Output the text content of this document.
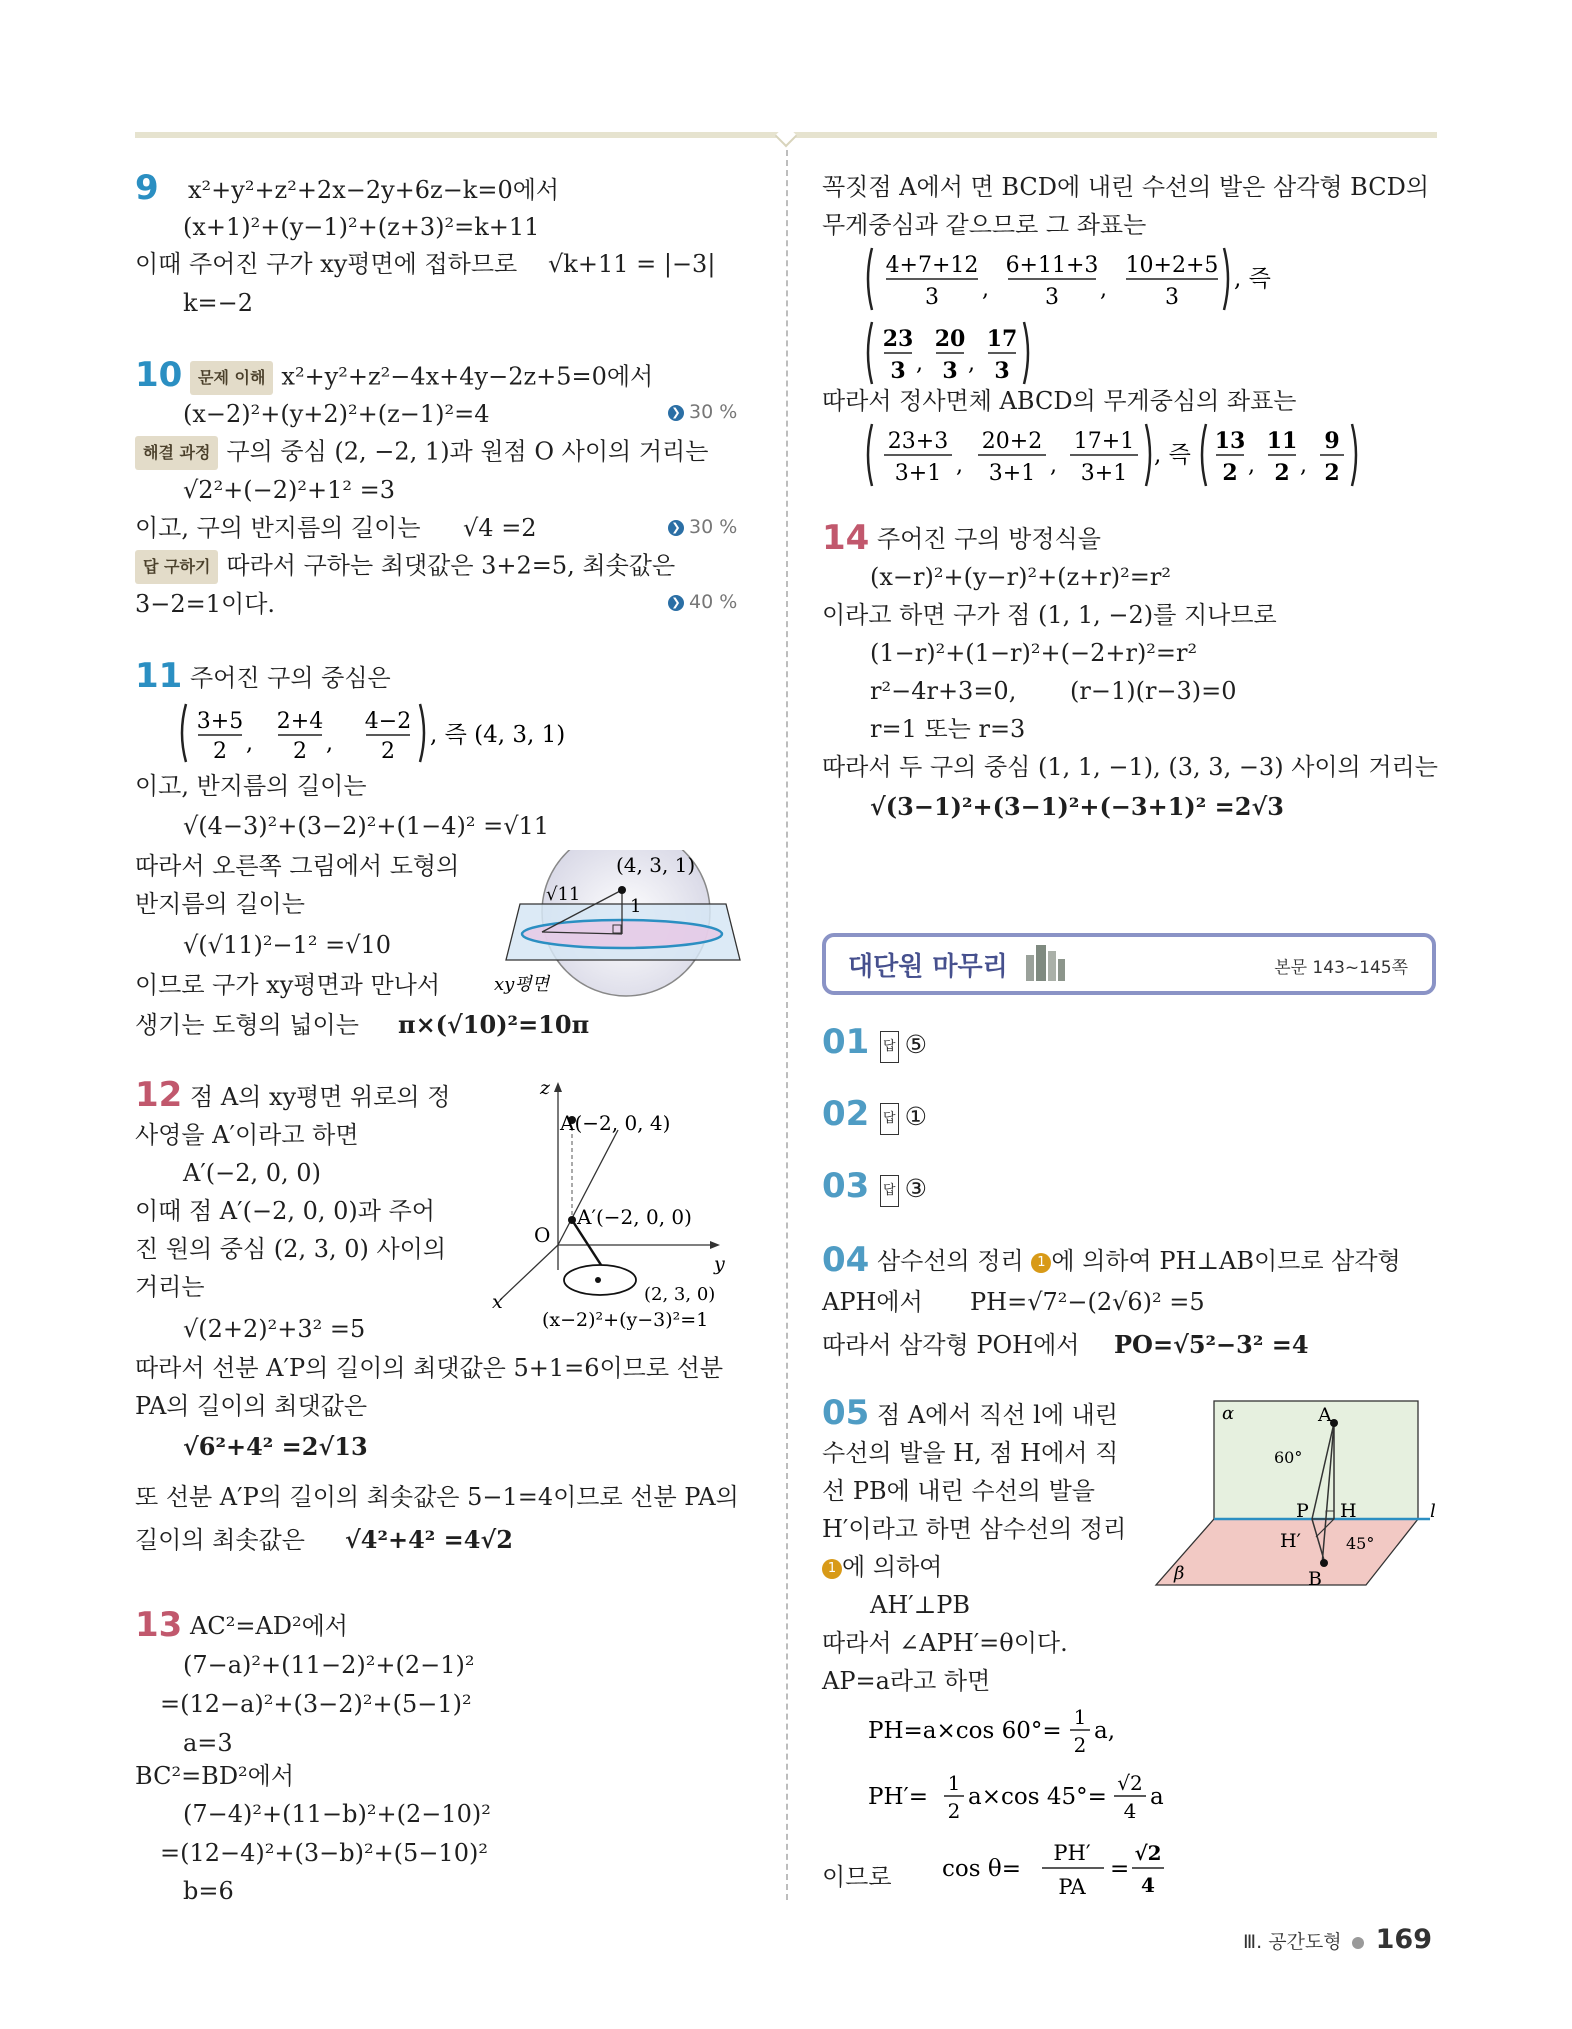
9 x²+y²+z²+2x−2y+6z−k=0에서
(x+1)²+(y−1)²+(z+3)²=k+11
이때 주어진 구가 xy평면에 접하므로 √k+11 = |−3|
k=−2
10 문제 이해 x²+y²+z²−4x+4y−2z+5=0에서
(x−2)²+(y+2)²+(z−1)²=4	❯ 30 %
해결 과정 구의 중심 (2, −2, 1)과 원점 O 사이의 거리는
√2²+(−2)²+1² =3
이고, 구의 반지름의 길이는 √4 =2	❯ 30 %
답 구하기 따라서 구하는 최댓값은 3+2=5, 최솟값은
3−2=1이다.	❯ 40 %
11 주어진 구의 중심은
3+5
2 ,
2+4
2 ,
4−2
2
, 즉 (4, 3, 1)
이고, 반지름의 길이는
√(4−3)²+(3−2)²+(1−4)² =√11
따라서 오른쪽 그림에서 도형의
반지름의 길이는
√(√11)²−1² =√10
이므로 구가 xy평면과 만나서
생기는 도형의 넓이는 π×(√10)²=10π
(4, 3, 1)
√11
1
xy평면
12 점 A의 xy평면 위로의 정
사영을 A′이라고 하면
A′(−2, 0, 0)
이때 점 A′(−2, 0, 0)과 주어
진 원의 중심 (2, 3, 0) 사이의
거리는
√(2+2)²+3² =5
따라서 선분 A′P의 길이의 최댓값은 5+1=6이므로 선분
PA의 길이의 최댓값은
√6²+4² =2√13
또 선분 A′P의 길이의 최솟값은 5−1=4이므로 선분 PA의
길이의 최솟값은 √4²+4² =4√2
z
A(−2, 0, 4)
A′(−2, 0, 0)
O
y
x	(2, 3, 0)
(x−2)²+(y−3)²=1
13 AC²=AD²에서
(7−a)²+(11−2)²+(2−1)²
=(12−a)²+(3−2)²+(5−1)²
a=3
BC²=BD²에서
(7−4)²+(11−b)²+(2−10)²
=(12−4)²+(3−b)²+(5−10)²
b=6
꼭짓점 A에서 면 BCD에 내린 수선의 발은 삼각형 BCD의
무게중심과 같으므로 그 좌표는
4+7+12
3 ,
6+11+3
3 ,
10+2+5
3
, 즉
23
3 ,
20
3 ,
17
3
따라서 정사면체 ABCD의 무게중심의 좌표는
23+3
3+1 ,
20+2
3+1 ,
17+1
3+1
, 즉
13
2 ,
11
2 ,
9
2
14 주어진 구의 방정식을
(x−r)²+(y−r)²+(z+r)²=r²
이라고 하면 구가 점 (1, 1, −2)를 지나므로
(1−r)²+(1−r)²+(−2+r)²=r²
r²−4r+3=0, (r−1)(r−3)=0
r=1 또는 r=3
따라서 두 구의 중심 (1, 1, −1), (3, 3, −3) 사이의 거리는
√(3−1)²+(3−1)²+(−3+1)² =2√3
대단원 마무리	본문 143~145쪽
01	답 ⑤
02	답 ①
03	답 ③
04 삼수선의 정리 1 에 의하여 PH⊥AB이므로 삼각형
APH에서 PH=√7²−(2√6)² =5
따라서 삼각형 POH에서 PO=√5²−3² =4
05 점 A에서 직선 l에 내린
수선의 발을 H, 점 H에서 직
선 PB에 내린 수선의 발을
H′이라고 하면 삼수선의 정리
1 에 의하여
AH′⊥PB
따라서 ∠APH′=θ이다.
AP=a라고 하면
PH=a×cos 60°=
1
2
a,
PH′=
1
2
a×cos 45°=
√2
4
a
cos θ=
PH′
PA
=
√2
4
이므로
α
β
A
P H
H′
B
l
60°
45°
Ⅲ. 공간도형 169
